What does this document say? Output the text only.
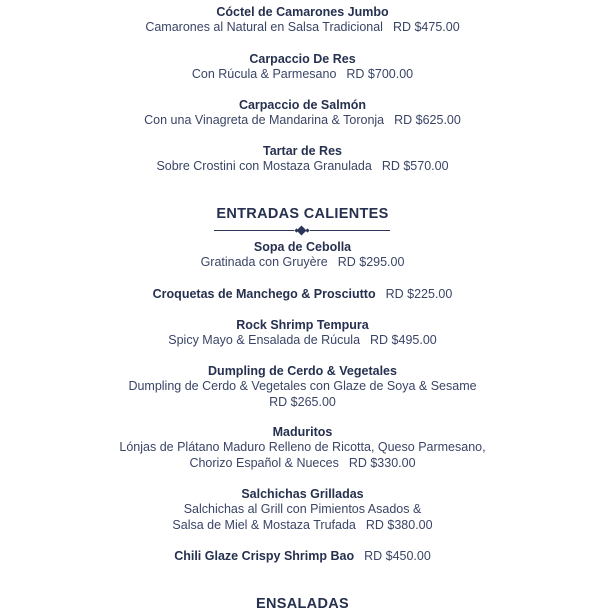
Cóctel de Camarones Jumbo
Camarones al Natural en Salsa Tradicional RD $475.00
Carpaccio De Res
Con Rúcula & Parmesano RD $700.00
Carpaccio de Salmón
Con una Vinagreta de Mandarina & Toronja RD $625.00
Tartar de Res
Sobre Crostini con Mostaza Granulada RD $570.00
ENTRADAS CALIENTES
Sopa de Cebolla
Gratinada con Gruyère RD $295.00
Croquetas de Manchego & Prosciutto RD $225.00
Rock Shrimp Tempura
Spicy Mayo & Ensalada de Rúcula RD $495.00
Dumpling de Cerdo & Vegetales
Dumpling de Cerdo & Vegetales con Glaze de Soya & Sesame
RD $265.00
Maduritos
Lónjas de Plátano Maduro Relleno de Ricotta, Queso Parmesano,
Chorizo Español & Nueces RD $330.00
Salchichas Grilladas
Salchichas al Grill con Pimientos Asados &
Salsa de Miel & Mostaza Trufada RD $380.00
Chili Glaze Crispy Shrimp Bao RD $450.00
ENSALADAS
